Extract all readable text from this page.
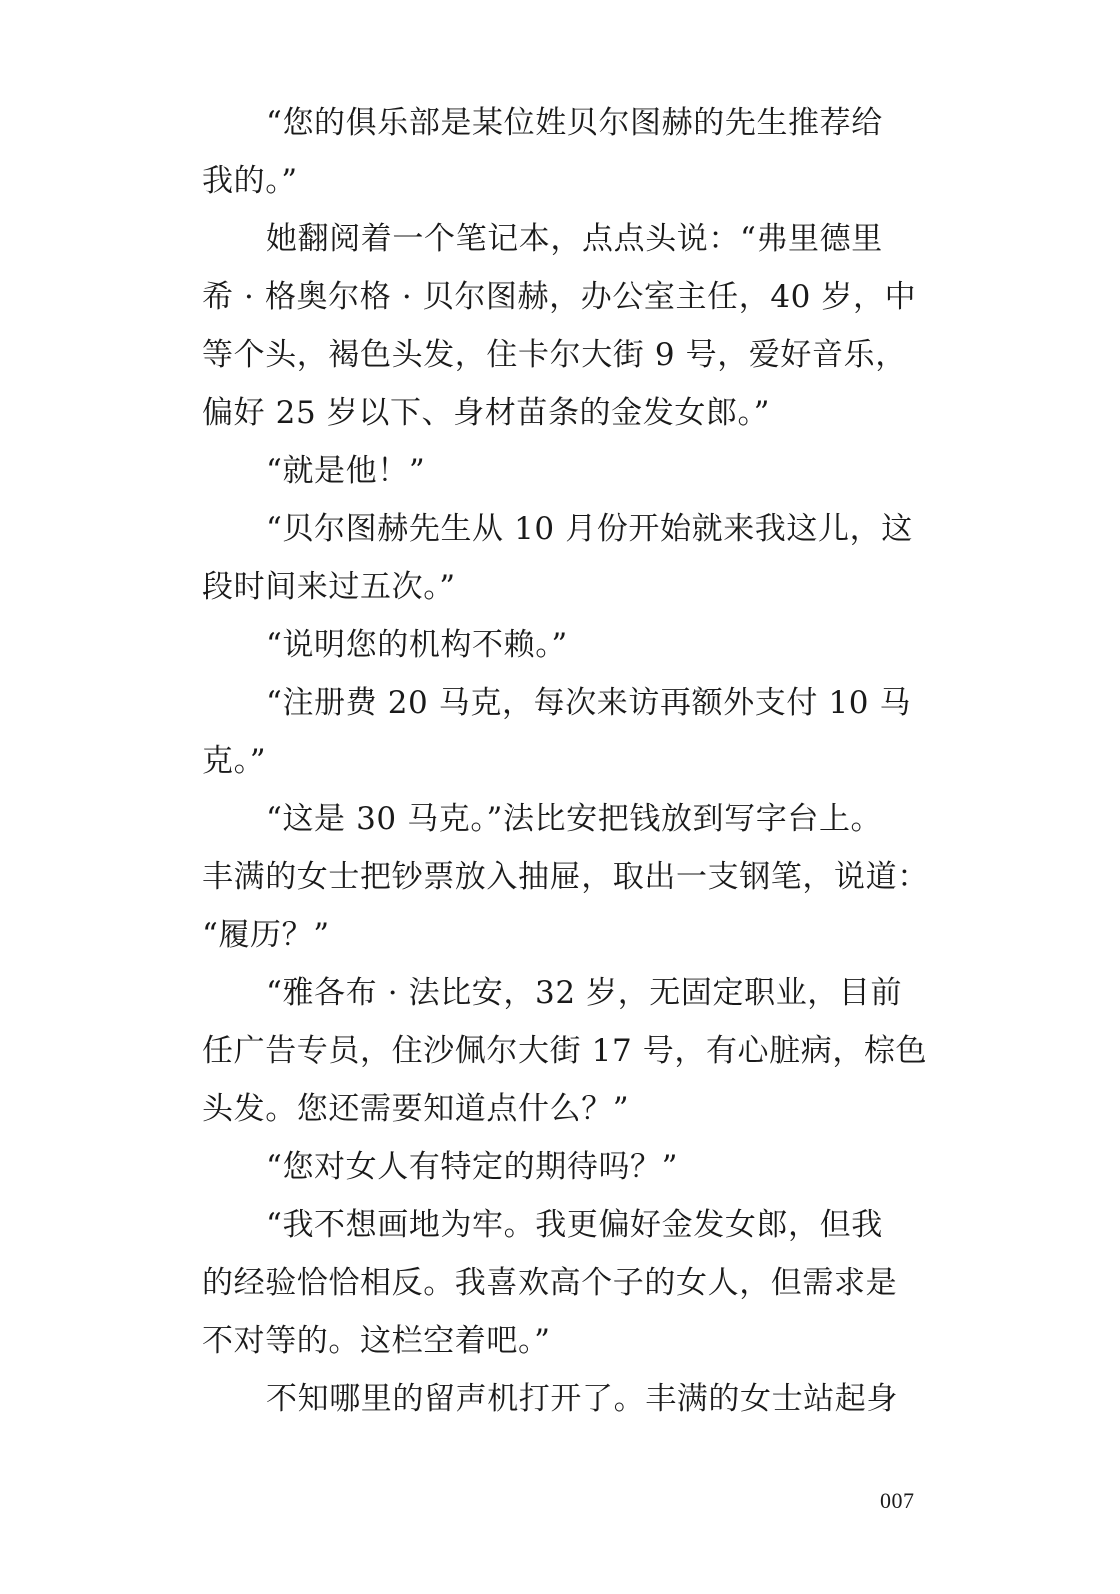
“您的俱乐部是某位姓贝尔图赫的先生推荐给
我的。”

她翻阅着一个笔记本，点点头说：“弗里德里
希 · 格奥尔格 · 贝尔图赫，办公室主任，40 岁，中
等个头，褐色头发，住卡尔大街 9 号，爱好音乐，
偏好 25 岁以下、身材苗条的金发女郎。”

“就是他！”

“贝尔图赫先生从 10 月份开始就来我这儿，这
段时间来过五次。”

“说明您的机构不赖。”

“注册费 20 马克，每次来访再额外支付 10 马
克。”

“这是 30 马克。”法比安把钱放到写字台上。
丰满的女士把钞票放入抽屉，取出一支钢笔，说道：
“履历？”

“雅各布 · 法比安，32 岁，无固定职业，目前
任广告专员，住沙佩尔大街 17 号，有心脏病，棕色
头发。您还需要知道点什么？”

“您对女人有特定的期待吗？”

“我不想画地为牢。我更偏好金发女郎，但我
的经验恰恰相反。我喜欢高个子的女人，但需求是
不对等的。这栏空着吧。”

不知哪里的留声机打开了。丰满的女士站起身

007
